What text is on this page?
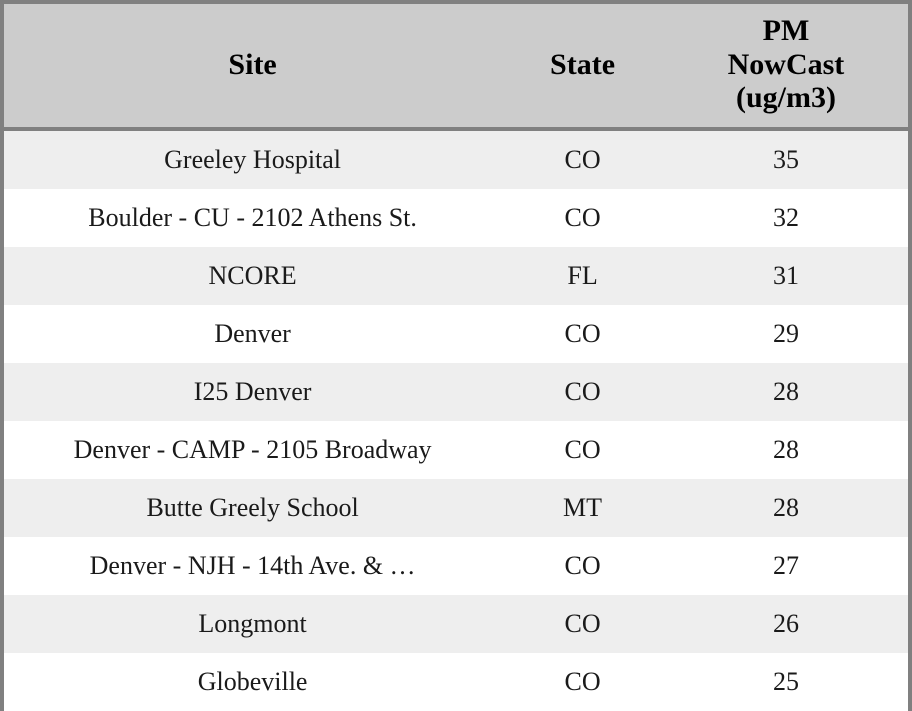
Site	State	PM
NowCast
(ug/m3)

Greeley Hospital	CO	35
Boulder - CU - 2102 Athens St.	CO	32
NCORE	FL	31
Denver	CO	29
I25 Denver	CO	28
Denver - CAMP - 2105 Broadway	CO	28
Butte Greely School	MT	28
Denver - NJH - 14th Ave. & …	CO	27
Longmont	CO	26
Globeville	CO	25
